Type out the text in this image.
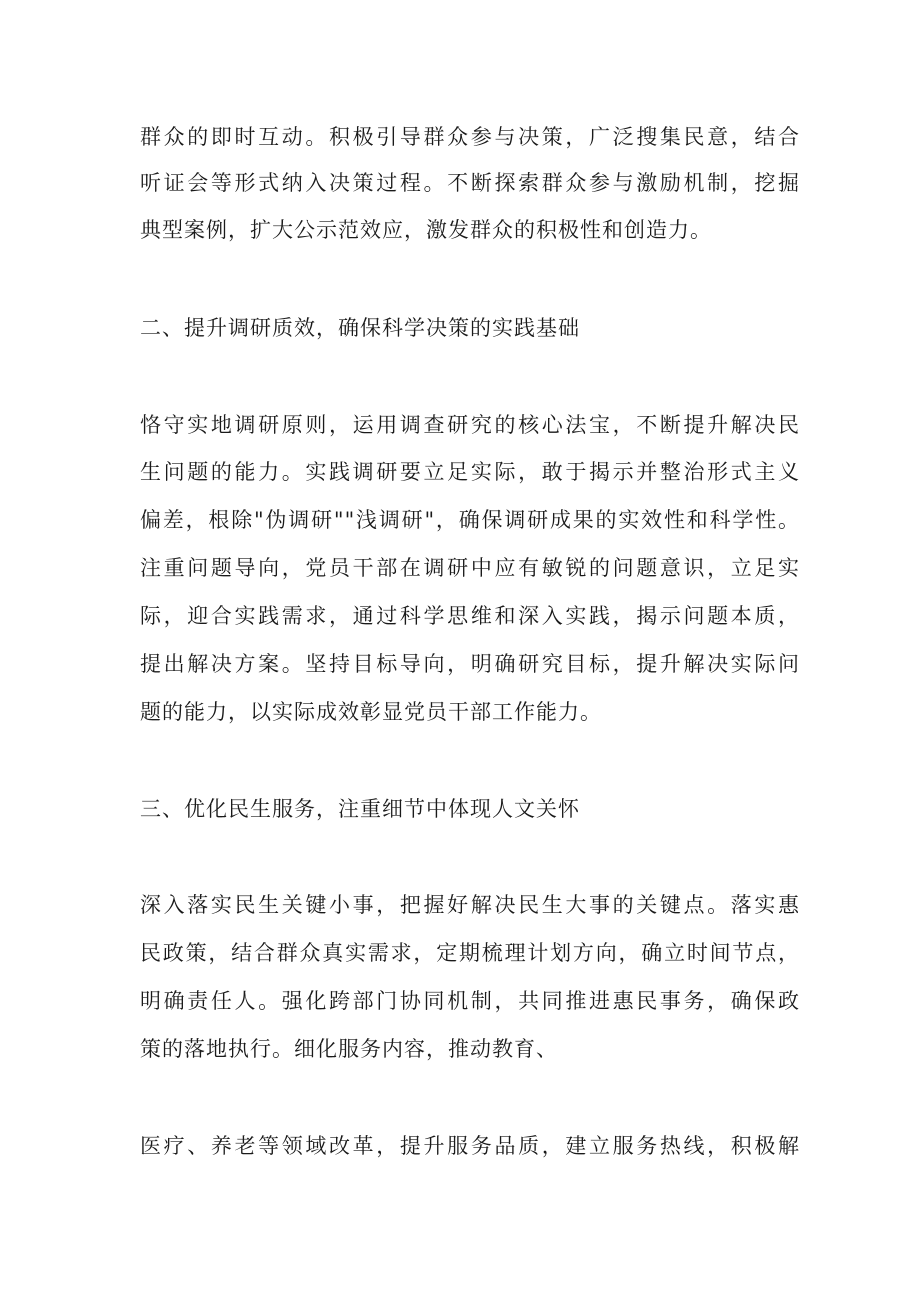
群众的即时互动。积极引导群众参与决策，广泛搜集民意，结合
听证会等形式纳入决策过程。不断探索群众参与激励机制，挖掘
典型案例，扩大公示范效应，激发群众的积极性和创造力。
二、提升调研质效，确保科学决策的实践基础
恪守实地调研原则，运用调查研究的核心法宝，不断提升解决民
生问题的能力。实践调研要立足实际，敢于揭示并整治形式主义
偏差，根除"伪调研""浅调研"，确保调研成果的实效性和科学性。
注重问题导向，党员干部在调研中应有敏锐的问题意识，立足实
际，迎合实践需求，通过科学思维和深入实践，揭示问题本质，
提出解决方案。坚持目标导向，明确研究目标，提升解决实际问
题的能力，以实际成效彰显党员干部工作能力。
三、优化民生服务，注重细节中体现人文关怀
深入落实民生关键小事，把握好解决民生大事的关键点。落实惠
民政策，结合群众真实需求，定期梳理计划方向，确立时间节点，
明确责任人。强化跨部门协同机制，共同推进惠民事务，确保政
策的落地执行。细化服务内容，推动教育、
医疗、养老等领域改革，提升服务品质，建立服务热线，积极解
